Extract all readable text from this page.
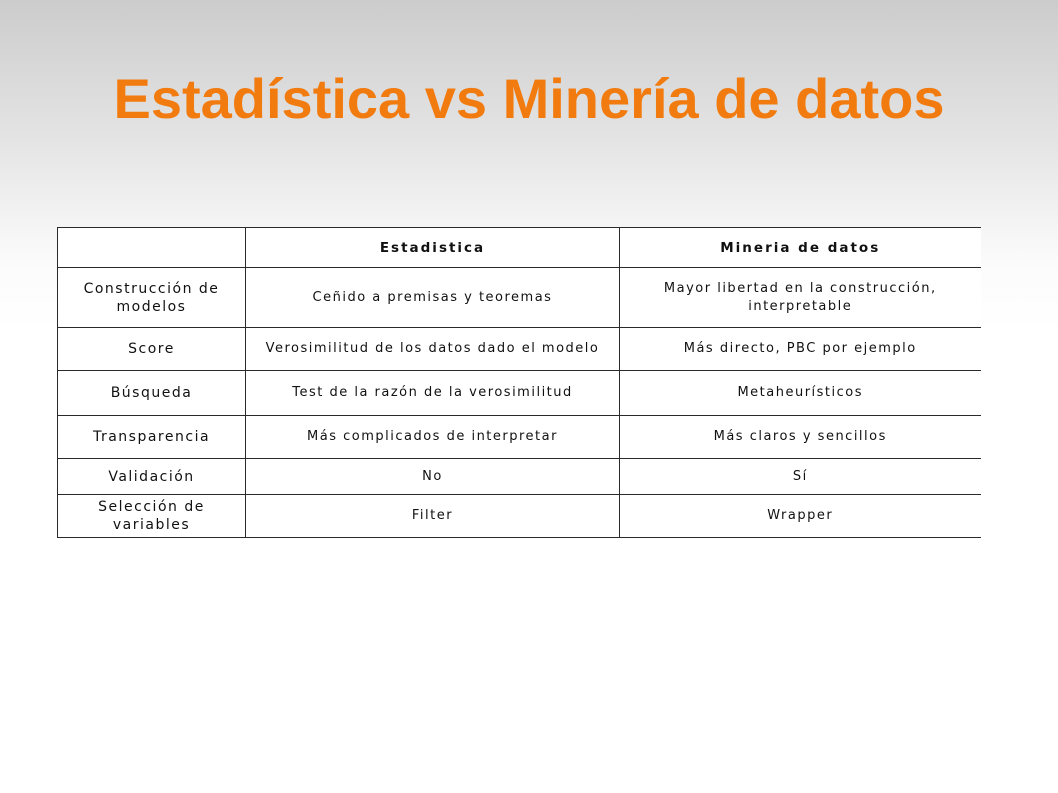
Estadística vs Minería de datos
	Estadistica	Mineria de datos
Construcción de modelos	Ceñido a premisas y teoremas	Mayor libertad en la construcción, interpretable
Score	Verosimilitud de los datos dado el modelo	Más directo, PBC por ejemplo
Búsqueda	Test de la razón de la verosimilitud	Metaheurísticos
Transparencia	Más complicados de interpretar	Más claros y sencillos
Validación	No	Sí
Selección de variables	Filter	Wrapper
